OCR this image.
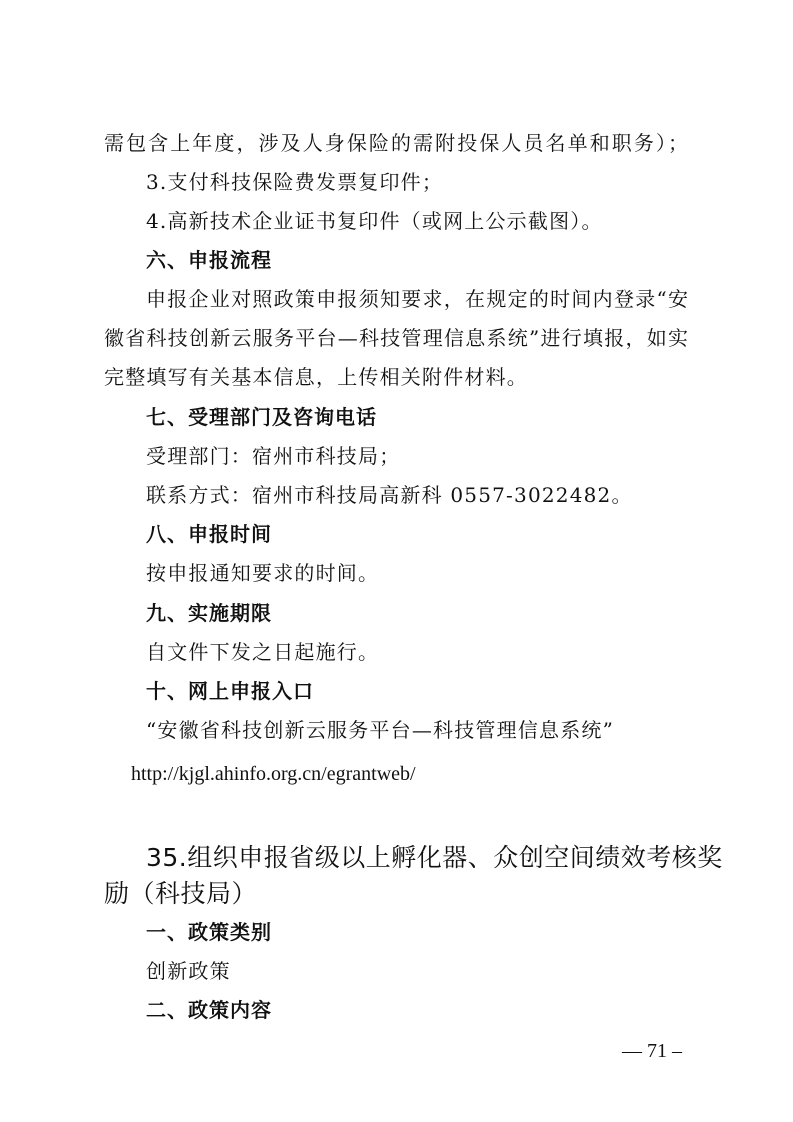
需包含上年度，涉及人身保险的需附投保人员名单和职务）；
3.支付科技保险费发票复印件；
4.高新技术企业证书复印件（或网上公示截图）。
六、申报流程
申报企业对照政策申报须知要求，在规定的时间内登录“安
徽省科技创新云服务平台—科技管理信息系统”进行填报，如实
完整填写有关基本信息，上传相关附件材料。
七、受理部门及咨询电话
受理部门：宿州市科技局；
联系方式：宿州市科技局高新科 0557-3022482。
八、申报时间
按申报通知要求的时间。
九、实施期限
自文件下发之日起施行。
十、网上申报入口
“安徽省科技创新云服务平台—科技管理信息系统”
http://kjgl.ahinfo.org.cn/egrantweb/
35.组织申报省级以上孵化器、众创空间绩效考核奖
励（科技局）
一、政策类别
创新政策
二、政策内容
— 71 –
